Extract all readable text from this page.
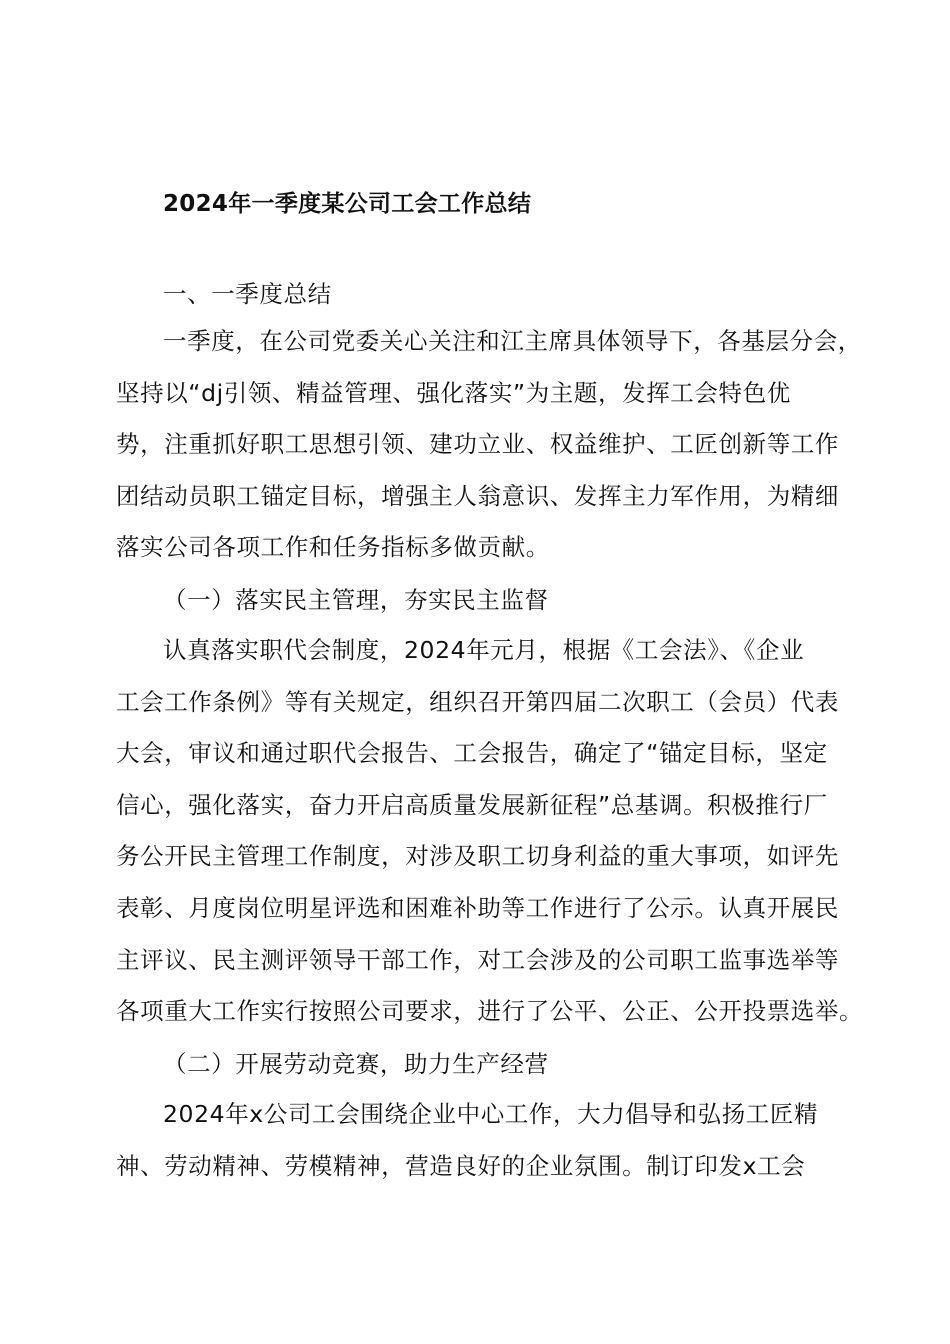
2024年一季度某公司工会工作总结
一、一季度总结
一季度，在公司党委关心关注和江主席具体领导下，各基层分会，
坚持以“dj引领、精益管理、强化落实”为主题，发挥工会特色优
势，注重抓好职工思想引领、建功立业、权益维护、工匠创新等工作
团结动员职工锚定目标，增强主人翁意识、发挥主力军作用，为精细
落实公司各项工作和任务指标多做贡献。
（一）落实民主管理，夯实民主监督
认真落实职代会制度，2024年元月，根据《工会法》、《企业
工会工作条例》等有关规定，组织召开第四届二次职工（会员）代表
大会，审议和通过职代会报告、工会报告，确定了“锚定目标，坚定
信心，强化落实，奋力开启高质量发展新征程”总基调。积极推行厂
务公开民主管理工作制度，对涉及职工切身利益的重大事项，如评先
表彰、月度岗位明星评选和困难补助等工作进行了公示。认真开展民
主评议、民主测评领导干部工作，对工会涉及的公司职工监事选举等
各项重大工作实行按照公司要求，进行了公平、公正、公开投票选举。
（二）开展劳动竞赛，助力生产经营
2024年x公司工会围绕企业中心工作，大力倡导和弘扬工匠精
神、劳动精神、劳模精神，营造良好的企业氛围。制订印发x工会
